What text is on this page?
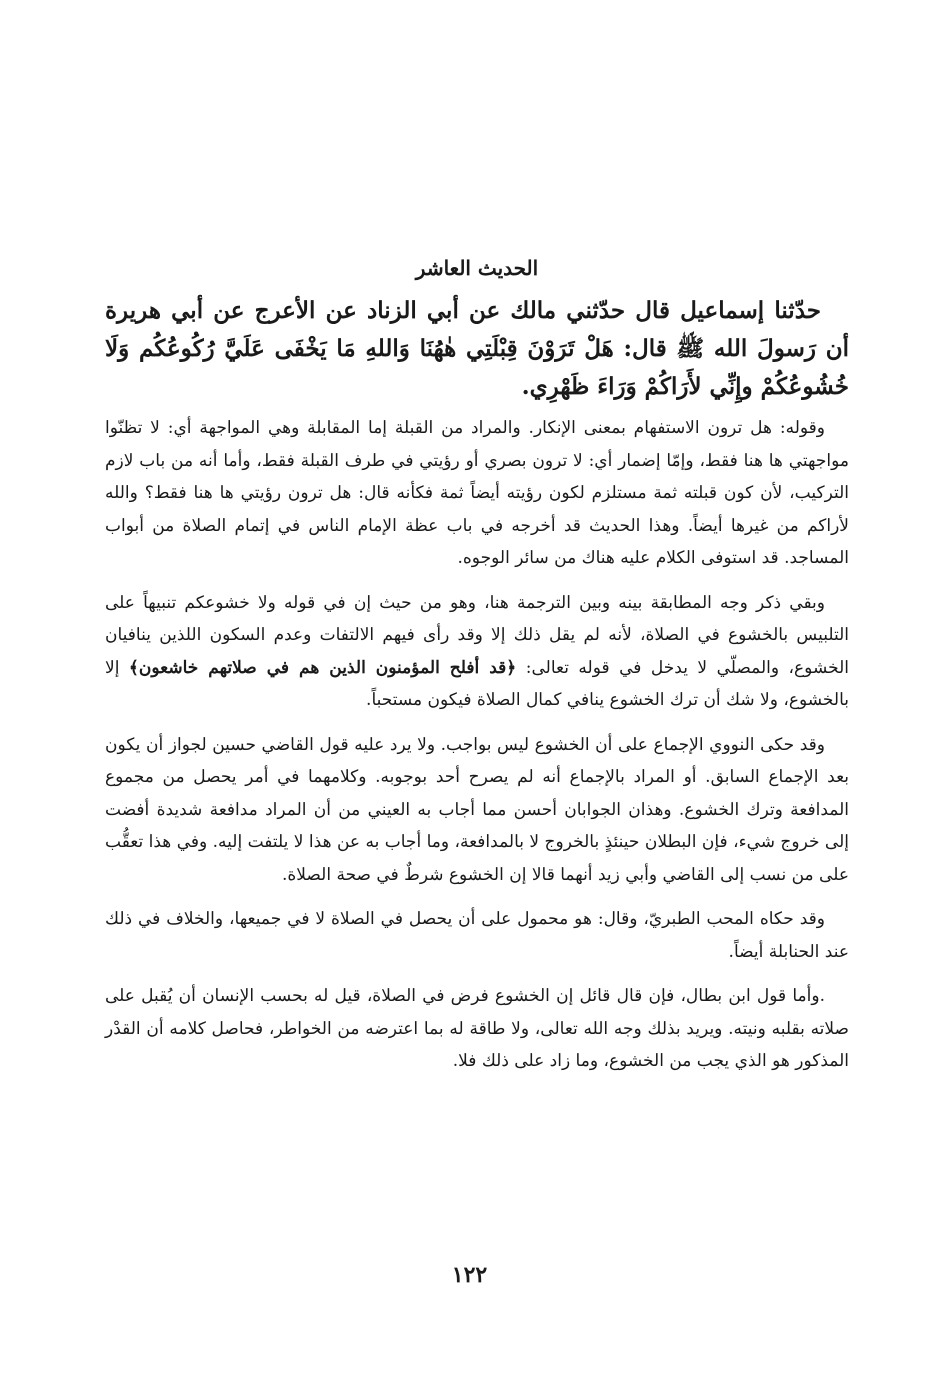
الحديث العاشر

حدّثنا إسماعيل قال حدّثني مالك عن أبي الزناد عن الأعرج عن أبي هريرة أن رَسولَ الله ﷺ قال: هَلْ تَرَوْنَ قِبْلَتِي هٰهُنَا وَاللهِ مَا يَخْفَى عَلَيَّ رُكُوعُكُم وَلَا خُشُوعُكُمْ وإِنِّي لأَرَاكُمْ وَرَاءَ ظَهْرِي.

وقوله: هل ترون الاستفهام بمعنى الإنكار. والمراد من القبلة إما المقابلة وهي المواجهة أي: لا تظنّوا مواجهتي ها هنا فقط، وإمّا إضمار أي: لا ترون بصري أو رؤيتي في طرف القبلة فقط، وأما أنه من باب لازم التركيب، لأن كون قبلته ثمة مستلزم لكون رؤيته أيضاً ثمة فكأنه قال: هل ترون رؤيتي ها هنا فقط؟ والله لأراكم من غيرها أيضاً. وهذا الحديث قد أخرجه في باب عظة الإمام الناس في إتمام الصلاة من أبواب المساجد. قد استوفى الكلام عليه هناك من سائر الوجوه.

وبقي ذكر وجه المطابقة بينه وبين الترجمة هنا، وهو من حيث إن في قوله ولا خشوعكم تنبيهاً على التلبيس بالخشوع في الصلاة، لأنه لم يقل ذلك إلا وقد رأى فيهم الالتفات وعدم السكون اللذين ينافيان الخشوع، والمصلّي لا يدخل في قوله تعالى: ﴿قد أفلح المؤمنون الذين هم في صلاتهم خاشعون﴾ إلا بالخشوع، ولا شك أن ترك الخشوع ينافي كمال الصلاة فيكون مستحباً.

وقد حكى النووي الإجماع على أن الخشوع ليس بواجب. ولا يرد عليه قول القاضي حسين لجواز أن يكون بعد الإجماع السابق. أو المراد بالإجماع أنه لم يصرح أحد بوجوبه. وكلامهما في أمر يحصل من مجموع المدافعة وترك الخشوع. وهذان الجوابان أحسن مما أجاب به العيني من أن المراد مدافعة شديدة أفضت إلى خروج شيء، فإن البطلان حينئذٍ بالخروج لا بالمدافعة، وما أجاب به عن هذا لا يلتفت إليه. وفي هذا تعقُّب على من نسب إلى القاضي وأبي زيد أنهما قالا إن الخشوع شرطٌ في صحة الصلاة.

وقد حكاه المحب الطبريّ، وقال: هو محمول على أن يحصل في الصلاة لا في جميعها، والخلاف في ذلك عند الحنابلة أيضاً.

.وأما قول ابن بطال، فإن قال قائل إن الخشوع فرض في الصلاة، قيل له بحسب الإنسان أن يُقبل على صلاته بقلبه ونيته. ويريد بذلك وجه الله تعالى، ولا طاقة له بما اعترضه من الخواطر، فحاصل كلامه أن القدْر المذكور هو الذي يجب من الخشوع، وما زاد على ذلك فلا.

١٢٢
